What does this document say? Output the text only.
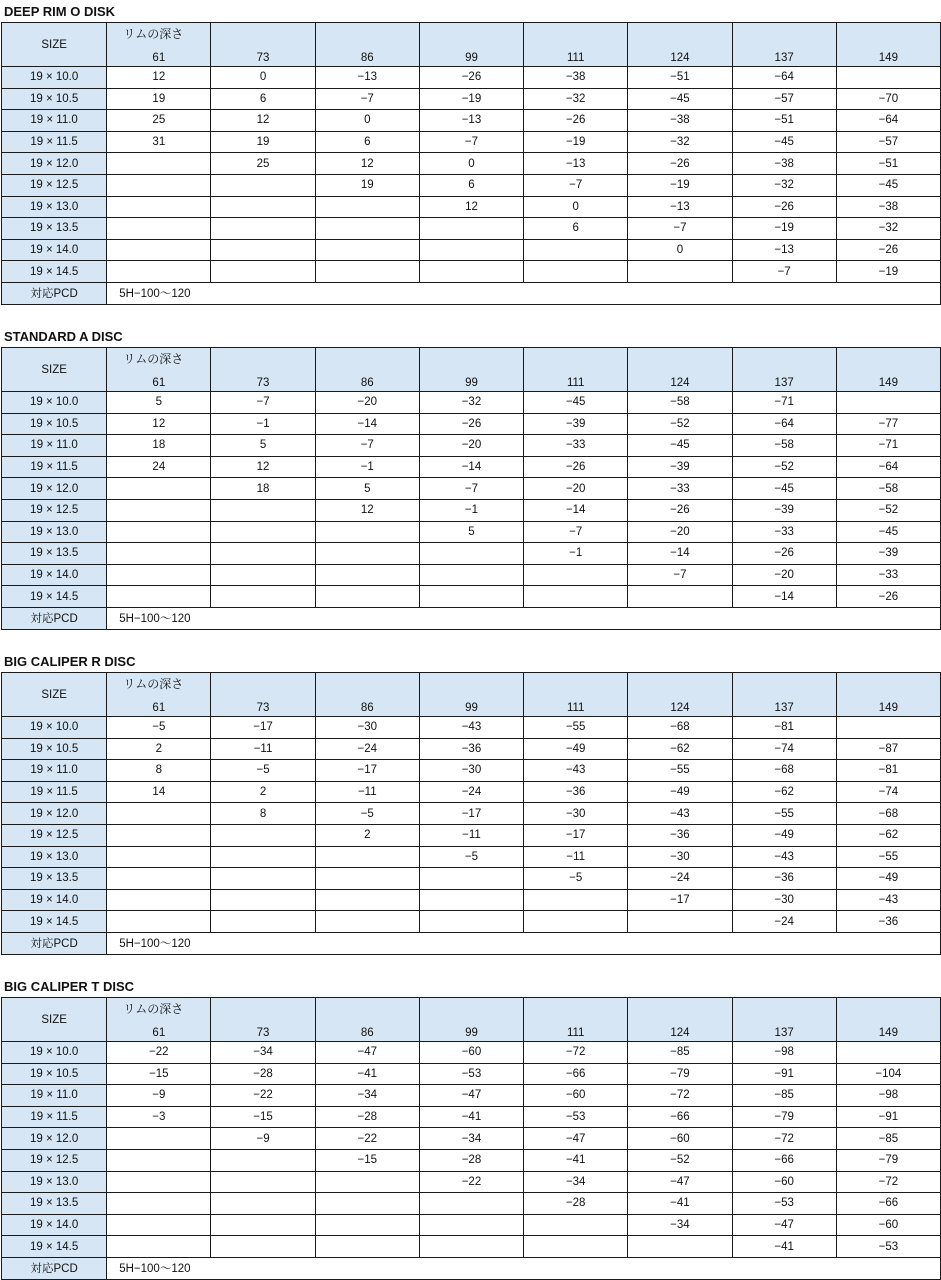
DEEP RIM O DISK
SIZE	リムの深さ
61	73	86	99	111	124	137	149
19 × 10.0	12	0	−13	−26	−38	−51	−64	
19 × 10.5	19	6	−7	−19	−32	−45	−57	−70
19 × 11.0	25	12	0	−13	−26	−38	−51	−64
19 × 11.5	31	19	6	−7	−19	−32	−45	−57
19 × 12.0		25	12	0	−13	−26	−38	−51
19 × 12.5			19	6	−7	−19	−32	−45
19 × 13.0				12	0	−13	−26	−38
19 × 13.5					6	−7	−19	−32
19 × 14.0						0	−13	−26
19 × 14.5							−7	−19
対応PCD	5H−100〜120							
STANDARD A DISC
SIZE	リムの深さ
61	73	86	99	111	124	137	149
19 × 10.0	5	−7	−20	−32	−45	−58	−71	
19 × 10.5	12	−1	−14	−26	−39	−52	−64	−77
19 × 11.0	18	5	−7	−20	−33	−45	−58	−71
19 × 11.5	24	12	−1	−14	−26	−39	−52	−64
19 × 12.0		18	5	−7	−20	−33	−45	−58
19 × 12.5			12	−1	−14	−26	−39	−52
19 × 13.0				5	−7	−20	−33	−45
19 × 13.5					−1	−14	−26	−39
19 × 14.0						−7	−20	−33
19 × 14.5							−14	−26
対応PCD	5H−100〜120							
BIG CALIPER R DISC
SIZE	リムの深さ
61	73	86	99	111	124	137	149
19 × 10.0	−5	−17	−30	−43	−55	−68	−81	
19 × 10.5	2	−11	−24	−36	−49	−62	−74	−87
19 × 11.0	8	−5	−17	−30	−43	−55	−68	−81
19 × 11.5	14	2	−11	−24	−36	−49	−62	−74
19 × 12.0		8	−5	−17	−30	−43	−55	−68
19 × 12.5			2	−11	−17	−36	−49	−62
19 × 13.0				−5	−11	−30	−43	−55
19 × 13.5					−5	−24	−36	−49
19 × 14.0						−17	−30	−43
19 × 14.5							−24	−36
対応PCD	5H−100〜120							
BIG CALIPER T DISC
SIZE	リムの深さ
61	73	86	99	111	124	137	149
19 × 10.0	−22	−34	−47	−60	−72	−85	−98	
19 × 10.5	−15	−28	−41	−53	−66	−79	−91	−104
19 × 11.0	−9	−22	−34	−47	−60	−72	−85	−98
19 × 11.5	−3	−15	−28	−41	−53	−66	−79	−91
19 × 12.0		−9	−22	−34	−47	−60	−72	−85
19 × 12.5			−15	−28	−41	−52	−66	−79
19 × 13.0				−22	−34	−47	−60	−72
19 × 13.5					−28	−41	−53	−66
19 × 14.0						−34	−47	−60
19 × 14.5							−41	−53
対応PCD	5H−100〜120							
